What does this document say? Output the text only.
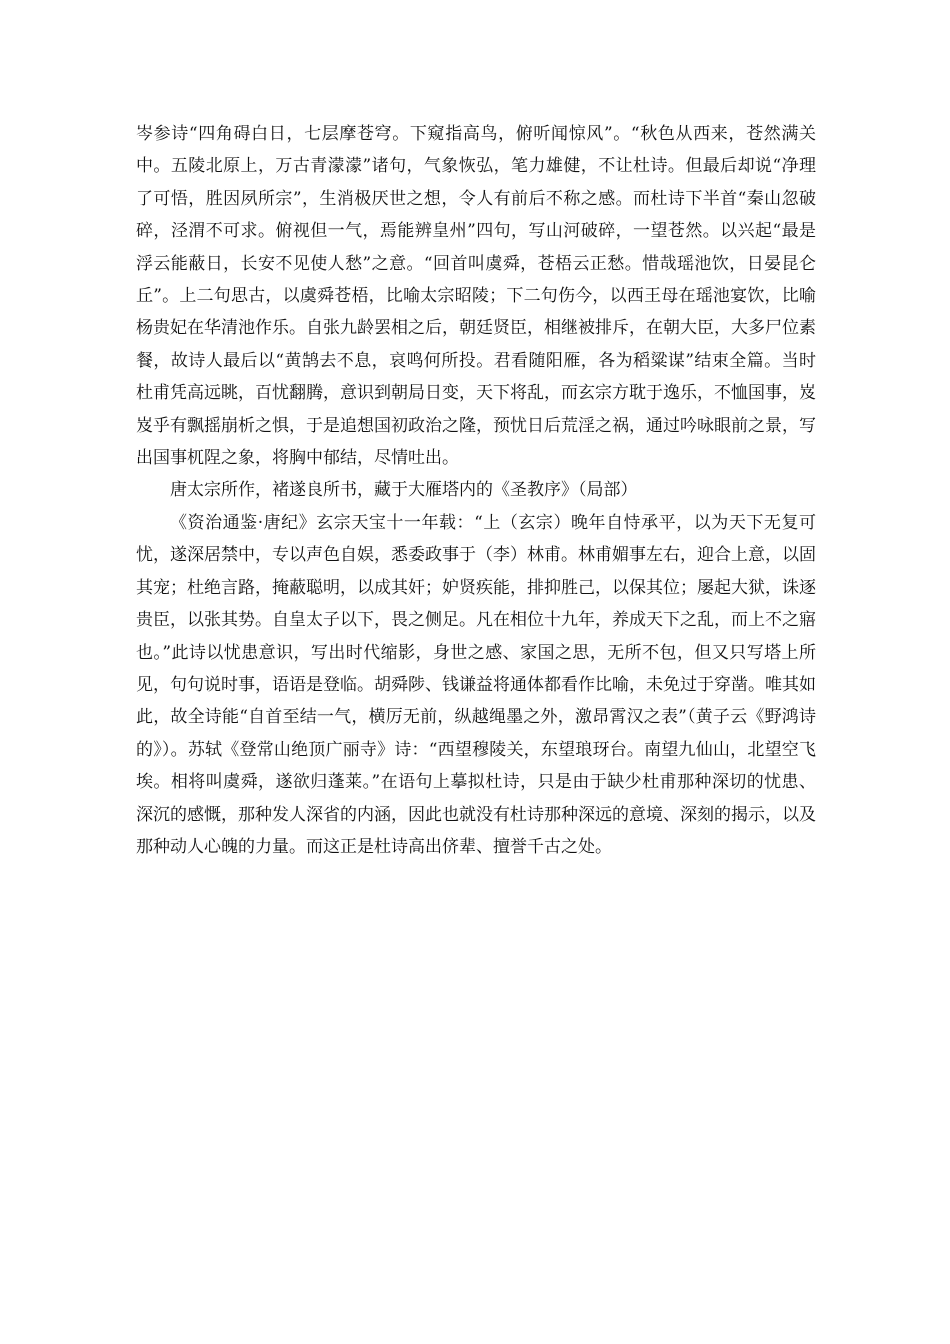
岑参诗“四角碍白日，七层摩苍穹。下窥指高鸟，俯听闻惊风”。“秋色从西来，苍然满关中。五陵北原上，万古青濛濛”诸句，气象恢弘，笔力雄健，不让杜诗。但最后却说“净理了可悟，胜因夙所宗”，生消极厌世之想，令人有前后不称之感。而杜诗下半首“秦山忽破碎，泾渭不可求。俯视但一气，焉能辨皇州”四句，写山河破碎，一望苍然。以兴起“最是浮云能蔽日，长安不见使人愁”之意。“回首叫虞舜，苍梧云正愁。惜哉瑶池饮，日晏昆仑丘”。上二句思古，以虞舜苍梧，比喻太宗昭陵；下二句伤今，以西王母在瑶池宴饮，比喻杨贵妃在华清池作乐。自张九龄罢相之后，朝廷贤臣，相继被排斥，在朝大臣，大多尸位素餐，故诗人最后以“黄鹄去不息，哀鸣何所投。君看随阳雁，各为稻粱谋”结束全篇。当时杜甫凭高远眺，百忧翻腾，意识到朝局日变，天下将乱，而玄宗方耽于逸乐，不恤国事，岌岌乎有飘摇崩析之惧，于是追想国初政治之隆，预忧日后荒淫之祸，通过吟咏眼前之景，写出国事杌陧之象，将胸中郁结，尽情吐出。

唐太宗所作，褚遂良所书，藏于大雁塔内的《圣教序》（局部）

《资治通鉴·唐纪》玄宗天宝十一年载：“上（玄宗）晚年自恃承平，以为天下无复可忧，遂深居禁中，专以声色自娱，悉委政事于（李）林甫。林甫媚事左右，迎合上意，以固其宠；杜绝言路，掩蔽聪明，以成其奸；妒贤疾能，排抑胜己，以保其位；屡起大狱，诛逐贵臣，以张其势。自皇太子以下，畏之侧足。凡在相位十九年，养成天下之乱，而上不之寤也。”此诗以忧患意识，写出时代缩影，身世之感、家国之思，无所不包，但又只写塔上所见，句句说时事，语语是登临。胡舜陟、钱谦益将通体都看作比喻，未免过于穿凿。唯其如此，故全诗能“自首至结一气，横厉无前，纵越绳墨之外，激昂霄汉之表”（黄子云《野鸿诗的》）。苏轼《登常山绝顶广丽寺》诗：“西望穆陵关，东望琅玡台。南望九仙山，北望空飞埃。相将叫虞舜，遂欲归蓬莱。”在语句上摹拟杜诗，只是由于缺少杜甫那种深切的忧患、深沉的感慨，那种发人深省的内涵，因此也就没有杜诗那种深远的意境、深刻的揭示，以及那种动人心魄的力量。而这正是杜诗高出侪辈、擅誉千古之处。
